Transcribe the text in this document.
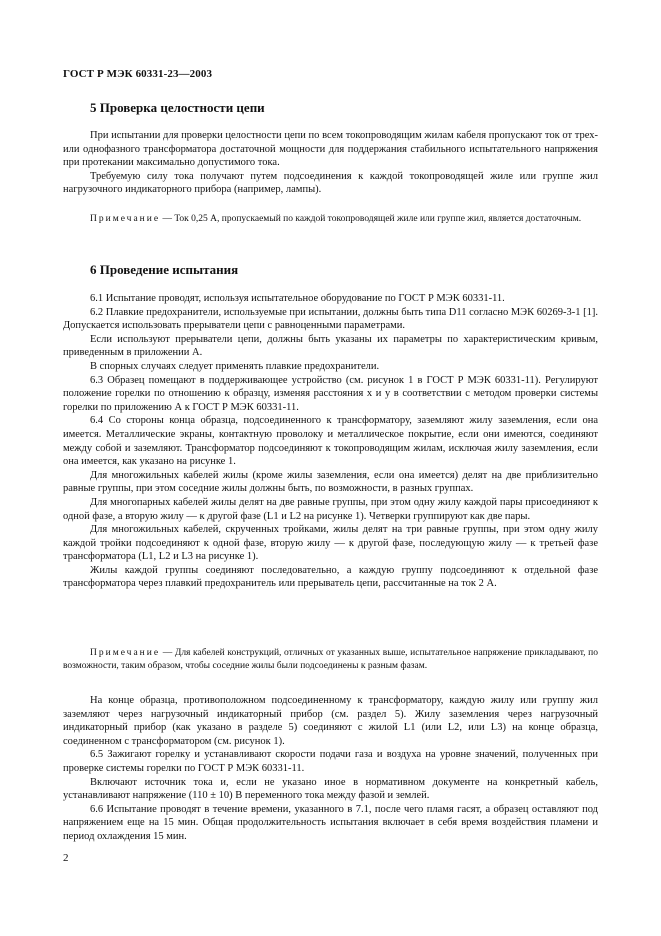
ГОСТ Р МЭК 60331-23—2003
5 Проверка целостности цепи

При испытании для проверки целостности цепи по всем токопроводящим жилам кабеля пропускают ток от трех- или однофазного трансформатора достаточной мощности для поддержания стабильного испытательного напряжения при протекании максимально допустимого тока.

Требуемую силу тока получают путем подсоединения к каждой токопроводящей жиле или группе жил нагрузочного индикаторного прибора (например, лампы).

Примечание — Ток 0,25 А, пропускаемый по каждой токопроводящей жиле или группе жил, является достаточным.

6 Проведение испытания

6.1 Испытание проводят, используя испытательное оборудование по ГОСТ Р МЭК 60331-11.

6.2 Плавкие предохранители, используемые при испытании, должны быть типа D11 согласно МЭК 60269-3-1 [1]. Допускается использовать прерыватели цепи с равноценными параметрами.

Если используют прерыватели цепи, должны быть указаны их параметры по характеристическим кривым, приведенным в приложении А.

В спорных случаях следует применять плавкие предохранители.

6.3 Образец помещают в поддерживающее устройство (см. рисунок 1 в ГОСТ Р МЭК 60331-11). Регулируют положение горелки по отношению к образцу, изменяя расстояния x и y в соответствии с методом проверки системы горелки по приложению А к ГОСТ Р МЭК 60331-11.

6.4 Со стороны конца образца, подсоединенного к трансформатору, заземляют жилу заземления, если она имеется. Металлические экраны, контактную проволоку и металлическое покрытие, если они имеются, соединяют между собой и заземляют. Трансформатор подсоединяют к токопроводящим жилам, исключая жилу заземления, если она имеется, как указано на рисунке 1.

Для многожильных кабелей жилы (кроме жилы заземления, если она имеется) делят на две приблизительно равные группы, при этом соседние жилы должны быть, по возможности, в разных группах.

Для многопарных кабелей жилы делят на две равные группы, при этом одну жилу каждой пары присоединяют к одной фазе, а вторую жилу — к другой фазе (L1 и L2 на рисунке 1). Четверки группируют как две пары.

Для многожильных кабелей, скрученных тройками, жилы делят на три равные группы, при этом одну жилу каждой тройки подсоединяют к одной фазе, вторую жилу — к другой фазе, последующую жилу — к третьей фазе трансформатора (L1, L2 и L3 на рисунке 1).

Жилы каждой группы соединяют последовательно, а каждую группу подсоединяют к отдельной фазе трансформатора через плавкий предохранитель или прерыватель цепи, рассчитанные на ток 2 А.

Примечание — Для кабелей конструкций, отличных от указанных выше, испытательное напряжение прикладывают, по возможности, таким образом, чтобы соседние жилы были подсоединены к разным фазам.

На конце образца, противоположном подсоединенному к трансформатору, каждую жилу или группу жил заземляют через нагрузочный индикаторный прибор (см. раздел 5). Жилу заземления через нагрузочный индикаторный прибор (как указано в разделе 5) соединяют с жилой L1 (или L2, или L3) на конце образца, соединенном с трансформатором (см. рисунок 1).

6.5 Зажигают горелку и устанавливают скорости подачи газа и воздуха на уровне значений, полученных при проверке системы горелки по ГОСТ Р МЭК 60331-11.

Включают источник тока и, если не указано иное в нормативном документе на конкретный кабель, устанавливают напряжение (110 ± 10) В переменного тока между фазой и землей.

6.6 Испытание проводят в течение времени, указанного в 7.1, после чего пламя гасят, а образец оставляют под напряжением еще на 15 мин. Общая продолжительность испытания включает в себя время воздействия пламени и период охлаждения 15 мин.

2
